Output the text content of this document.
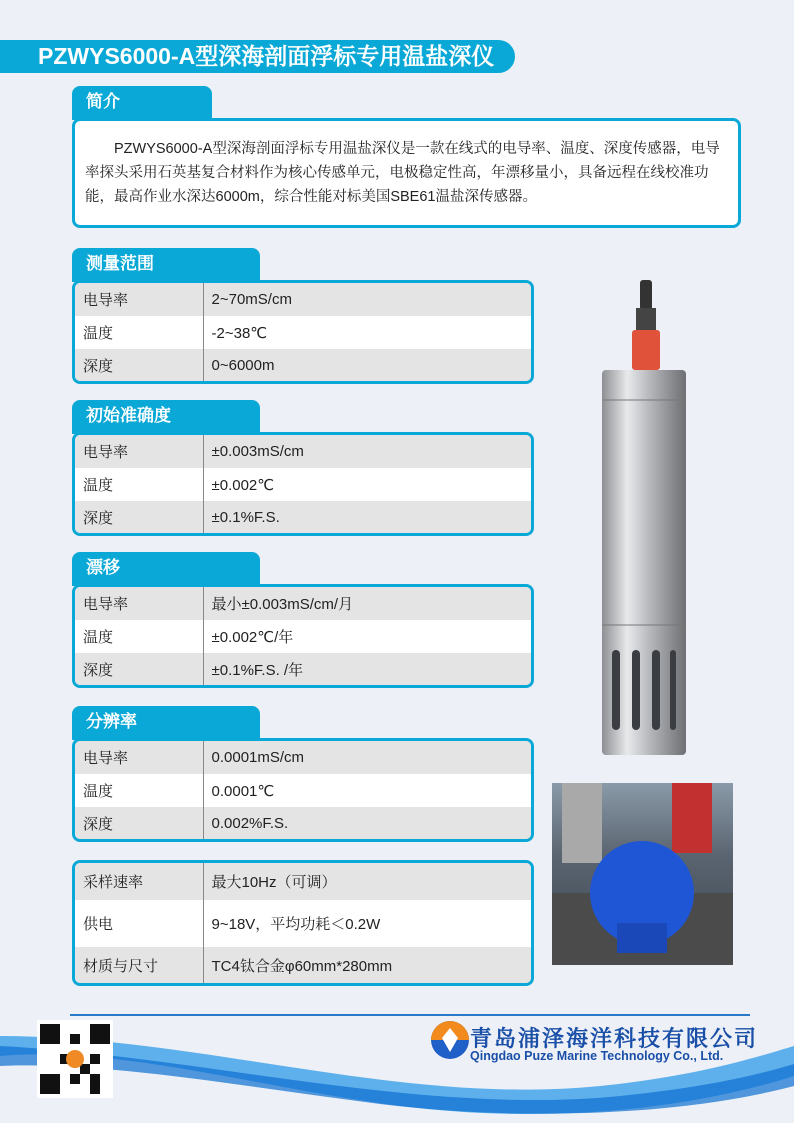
PZWYS6000-A型深海剖面浮标专用温盐深仪
简介

PZWYS6000-A型深海剖面浮标专用温盐深仪是一款在线式的电导率、温度、深度传感器，电导率探头采用石英基复合材料作为核心传感单元，电极稳定性高，年漂移量小，具备远程在线校准功能，最高作业水深达6000m，综合性能对标美国SBE61温盐深传感器。

测量范围
电导率	2~70mS/cm
温度	-2~38℃
深度	0~6000m
初始准确度
电导率	±0.003mS/cm
温度	±0.002℃
深度	±0.1%F.S.
漂移
电导率	最小±0.003mS/cm/月
温度	±0.002℃/年
深度	±0.1%F.S. /年
分辨率
电导率	0.0001mS/cm
温度	0.0001℃
深度	0.002%F.S.
采样速率	最大10Hz（可调）
供电	9~18V，平均功耗＜0.2W
材质与尺寸	TC4钛合金φ60mm*280mm
青岛浦泽海洋科技有限公司
Qingdao Puze Marine Technology Co., Ltd.
